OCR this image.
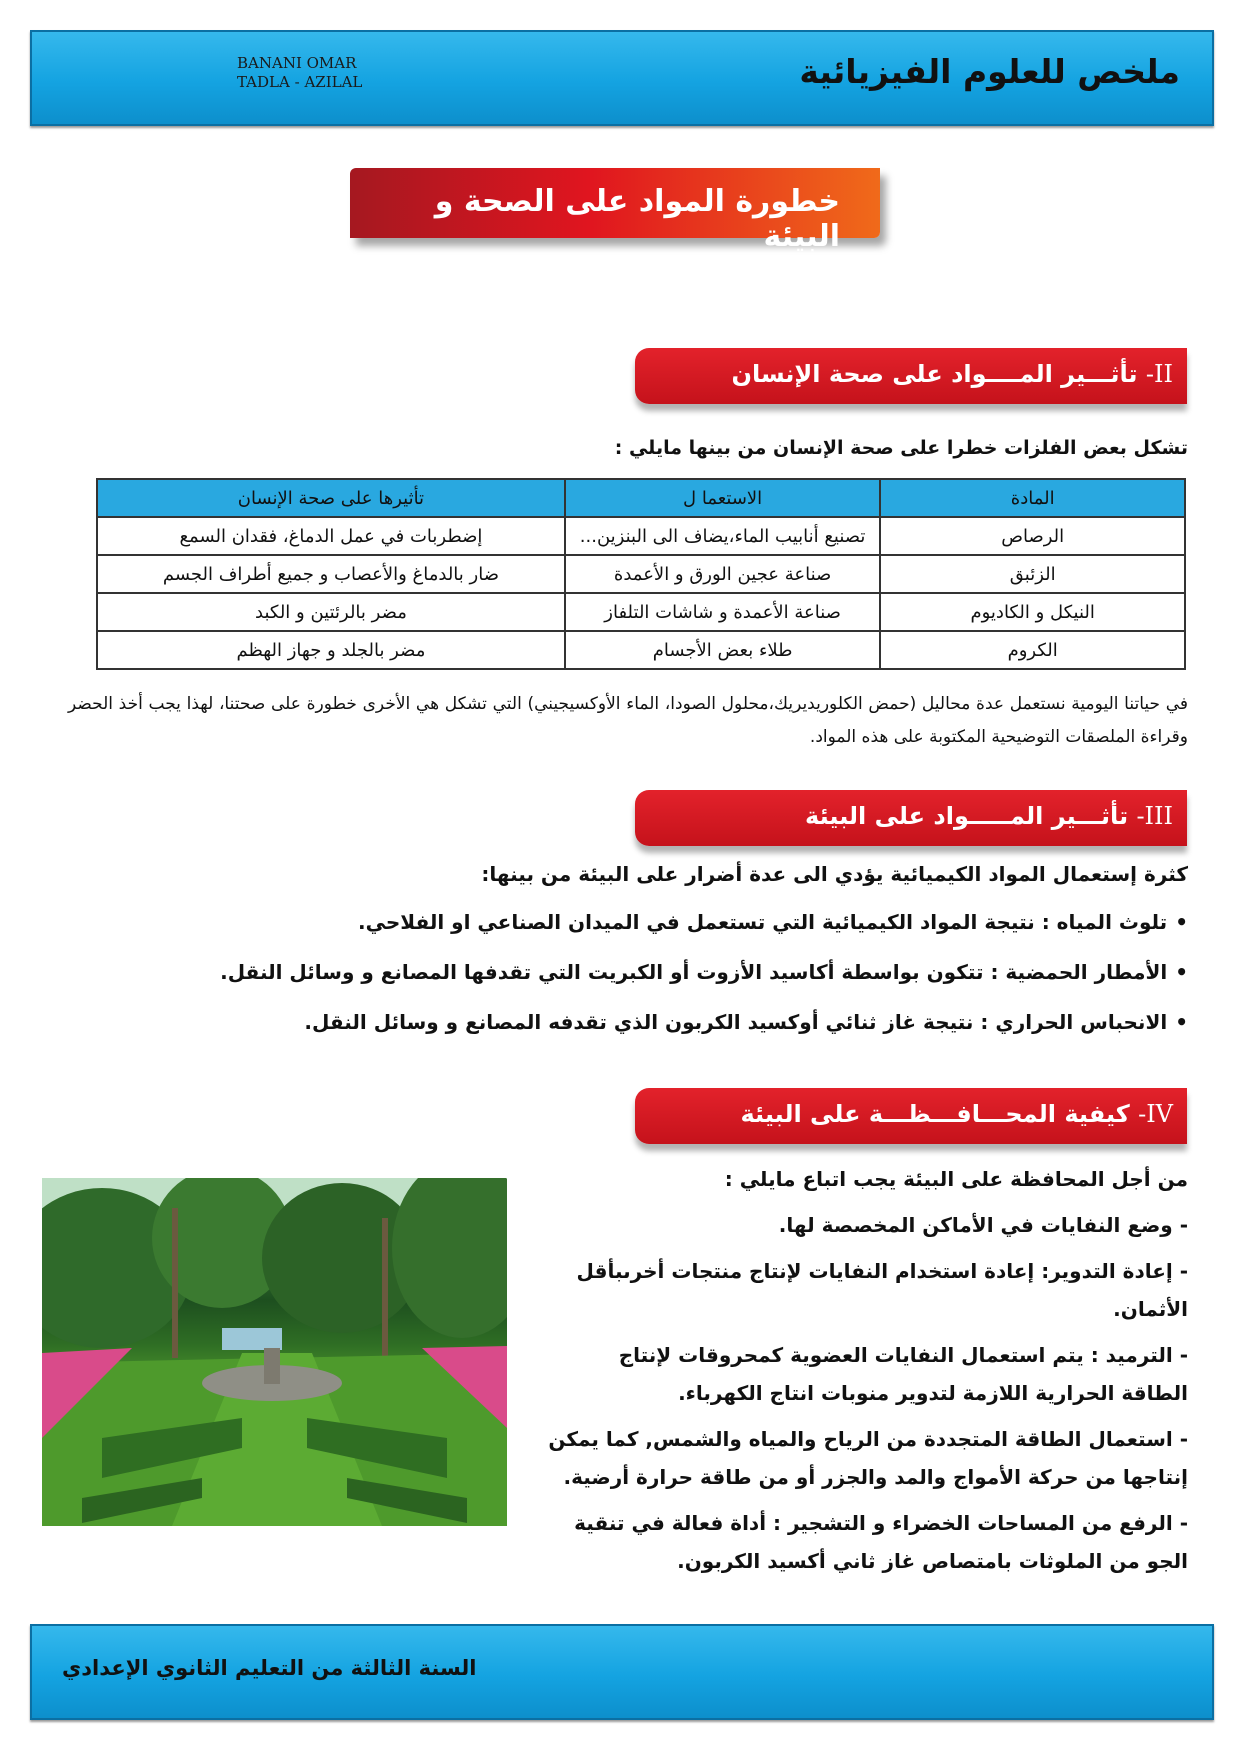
BANANI OMAR
TADLA - AZILAL	ملخص للعلوم الفيزيائية
خطورة المواد على الصحة و البيئة
II- تأثـــير المــــواد على صحة الإنسان
تشكل بعض الفلزات خطرا على صحة الإنسان من بينها مايلي :
المادة	الاستعما ل	تأثيرها على صحة الإنسان
الرصاص	تصنيع أنابيب الماء،يضاف الى البنزين...	إضطربات في عمل الدماغ، فقدان السمع
الزئبق	صناعة عجين الورق و الأعمدة	ضار بالدماغ والأعصاب و جميع أطراف الجسم
النيكل و الكاديوم	صناعة الأعمدة و شاشات التلفاز	مضر بالرئتين و الكبد
الكروم	طلاء بعض الأجسام	مضر بالجلد و جهاز الهظم
في حياتنا اليومية نستعمل عدة محاليل (حمض الكلوريديريك،محلول الصودا، الماء الأوكسيجيني) التي تشكل هي الأخرى خطورة على صحتنا، لهذا يجب أخذ الحضر وقراءة الملصقات التوضيحية المكتوبة على هذه المواد.
III- تأثـــير المـــــواد على البيئة
كثرة إستعمال المواد الكيميائية يؤدي الى عدة أضرار على البيئة من بينها:
• تلوث المياه : نتيجة المواد الكيميائية التي تستعمل في الميدان الصناعي او الفلاحي.
• الأمطار الحمضية : تتكون بواسطة أكاسيد الأزوت أو الكبريت التي تقدفها المصانع و وسائل النقل.
• الانحباس الحراري : نتيجة غاز ثنائي أوكسيد الكربون الذي تقدفه المصانع و وسائل النقل.
IV- كيفية المحـــافـــظـــة على البيئة
من أجل المحافظة على البيئة يجب اتباع مايلي :
- وضع النفايات في الأماكن المخصصة لها.
- إعادة التدوير: إعادة استخدام النفايات لإنتاج منتجات أخرىبأقل الأثمان.
- الترميد : يتم استعمال النفايات العضوية كمحروقات لإنتاج الطاقة الحرارية اللازمة لتدوير منوبات انتاج الكهرباء.
- استعمال الطاقة المتجددة من الرياح والمياه والشمس, كما يمكن إنتاجها من حركة الأمواج والمد والجزر أو من طاقة حرارة أرضية.
- الرفع من المساحات الخضراء و التشجير : أداة فعالة في تنقية الجو من الملوثات بامتصاص غاز ثاني أكسيد الكربون.
السنة الثالثة من التعليم الثانوي الإعدادي
